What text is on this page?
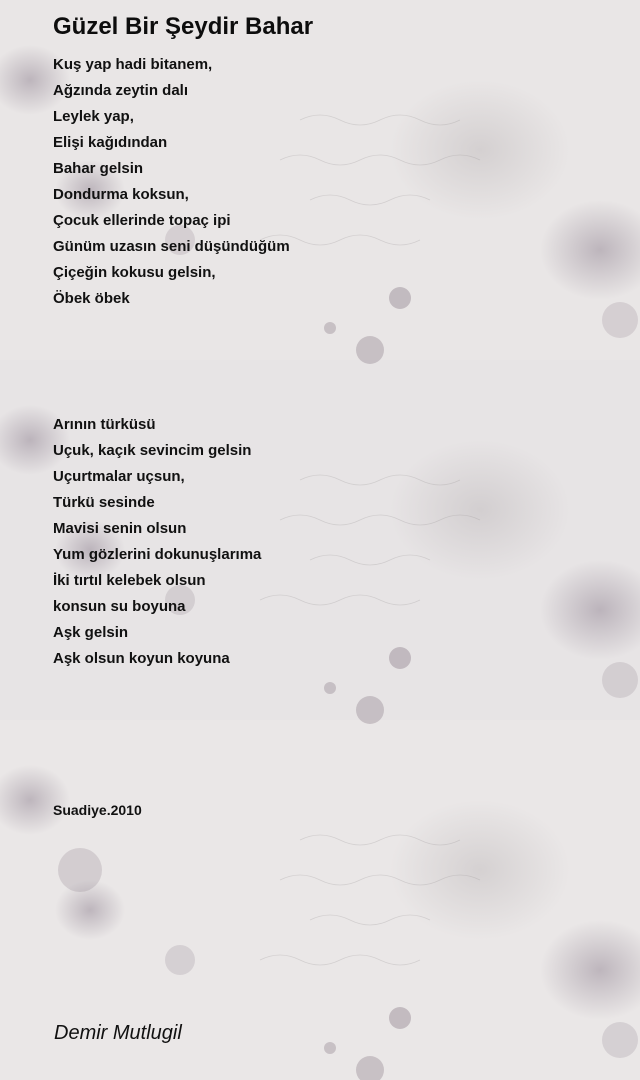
Güzel Bir Şeydir Bahar
Kuş yap hadi bitanem,
Ağzında zeytin dalı
Leylek yap,
Elişi kağıdından
Bahar gelsin
Dondurma koksun,
Çocuk ellerinde topaç ipi
Günüm uzasın seni düşündüğüm
Çiçeğin kokusu gelsin,
Öbek öbek
Arının türküsü
Uçuk, kaçık sevincim gelsin
Uçurtmalar uçsun,
Türkü sesinde
Mavisi senin olsun
Yum gözlerini dokunuşlarıma
İki tırtıl kelebek olsun
konsun su boyuna
Aşk gelsin
Aşk olsun koyun koyuna
Suadiye.2010
Demir Mutlugil
